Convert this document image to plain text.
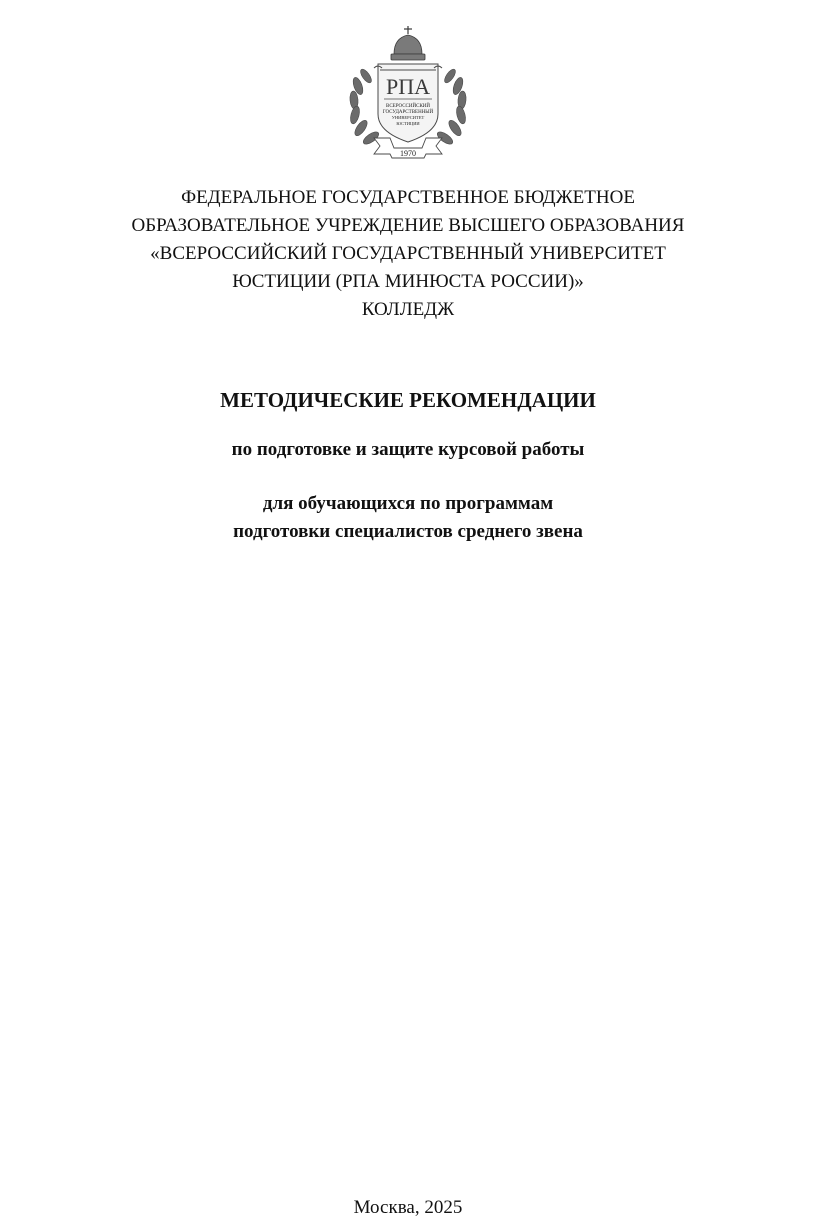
РПА
ВСЕРОССИЙСКИЙ
ГОСУДАРСТВЕННЫЙ
УНИВЕРСИТЕТ
ЮСТИЦИИ
1970
ФЕДЕРАЛЬНОЕ ГОСУДАРСТВЕННОЕ БЮДЖЕТНОЕ
ОБРАЗОВАТЕЛЬНОЕ УЧРЕЖДЕНИЕ ВЫСШЕГО ОБРАЗОВАНИЯ
«ВСЕРОССИЙСКИЙ ГОСУДАРСТВЕННЫЙ УНИВЕРСИТЕТ
ЮСТИЦИИ (РПА МИНЮСТА РОССИИ)»
КОЛЛЕДЖ
МЕТОДИЧЕСКИЕ РЕКОМЕНДАЦИИ
по подготовке и защите курсовой работы
для обучающихся по программам
подготовки специалистов среднего звена
Москва, 2025
